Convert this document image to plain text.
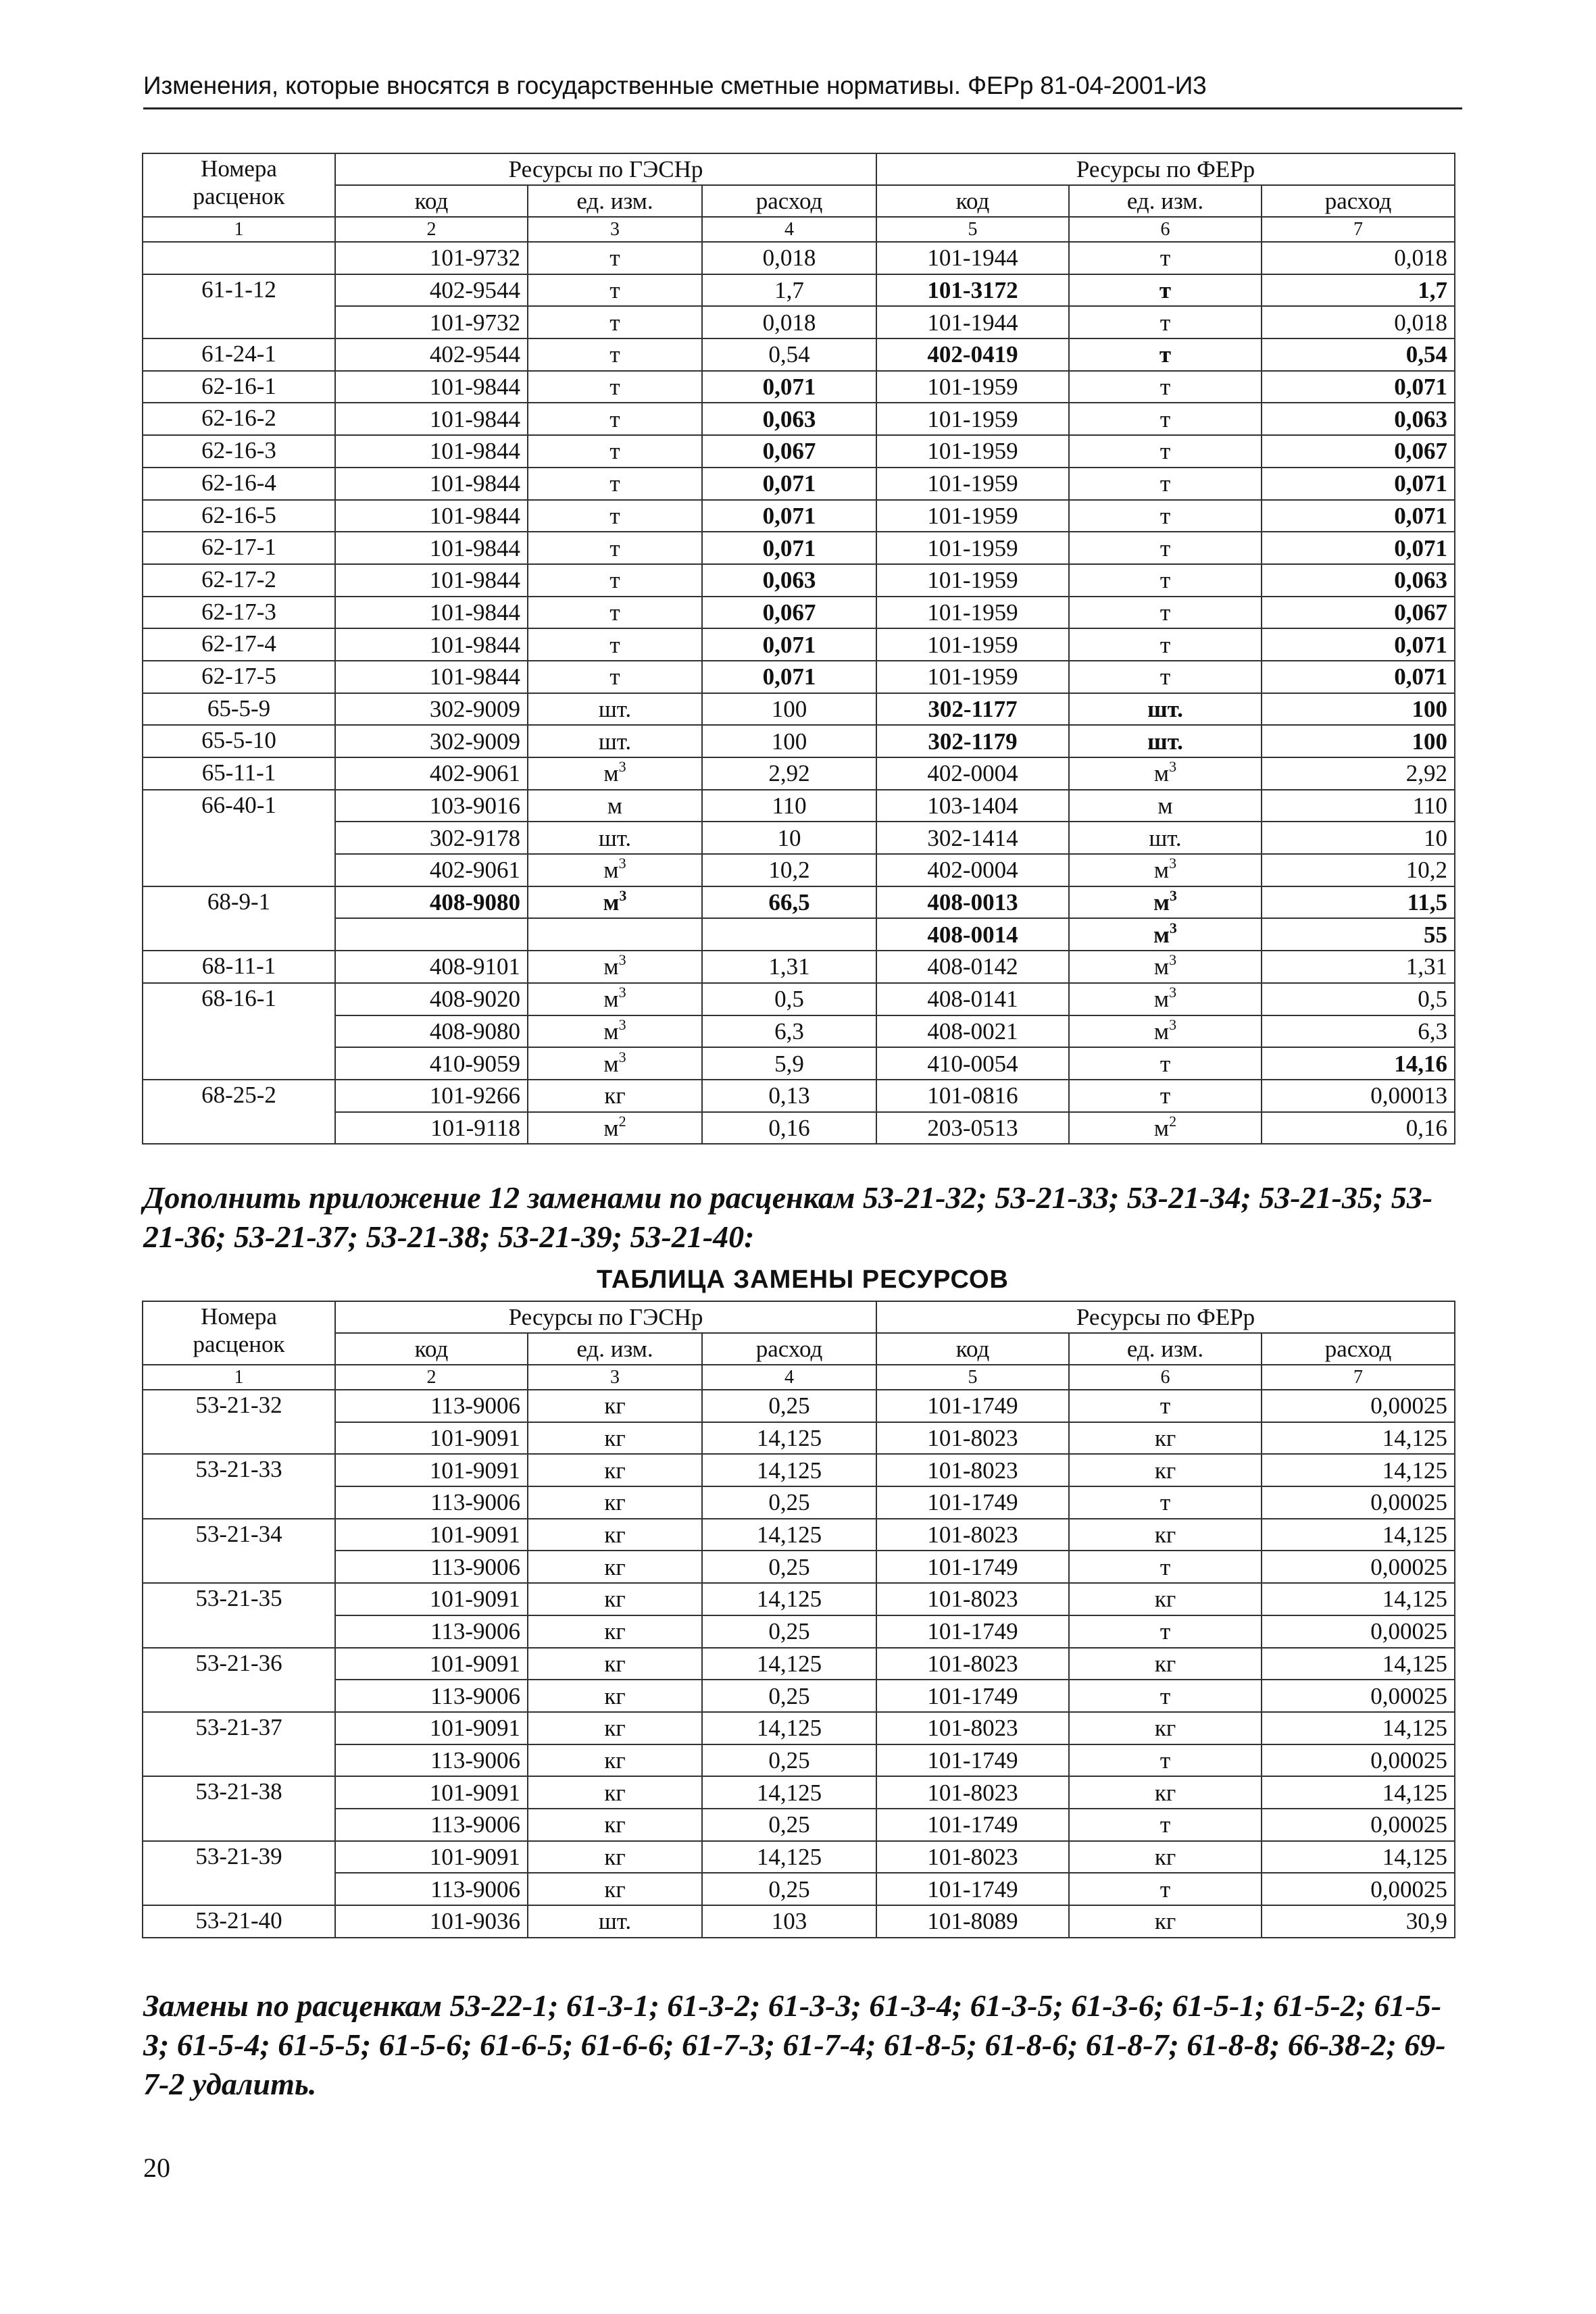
Изменения, которые вносятся в государственные сметные нормативы. ФЕРр 81-04-2001-И3
Номера
расценок	Ресурсы по ГЭСНр			Ресурсы по ФЕРр		
	код	ед. изм.	расход	код	ед. изм.	расход
1	2	3	4	5	6	7
	101-9732	т	0,018	101-1944	т	0,018
61-1-12	402-9544	т	1,7	101-3172	т	1,7
	101-9732	т	0,018	101-1944	т	0,018
61-24-1	402-9544	т	0,54	402-0419	т	0,54
62-16-1	101-9844	т	0,071	101-1959	т	0,071
62-16-2	101-9844	т	0,063	101-1959	т	0,063
62-16-3	101-9844	т	0,067	101-1959	т	0,067
62-16-4	101-9844	т	0,071	101-1959	т	0,071
62-16-5	101-9844	т	0,071	101-1959	т	0,071
62-17-1	101-9844	т	0,071	101-1959	т	0,071
62-17-2	101-9844	т	0,063	101-1959	т	0,063
62-17-3	101-9844	т	0,067	101-1959	т	0,067
62-17-4	101-9844	т	0,071	101-1959	т	0,071
62-17-5	101-9844	т	0,071	101-1959	т	0,071
65-5-9	302-9009	шт.	100	302-1177	шт.	100
65-5-10	302-9009	шт.	100	302-1179	шт.	100
65-11-1	402-9061	$м^3$	2,92	402-0004	$м^3$	2,92
66-40-1	103-9016	м	110	103-1404	м	110
	302-9178	шт.	10	302-1414	шт.	10
	402-9061	$м^3$	10,2	402-0004	$м^3$	10,2
68-9-1	408-9080	$м^3$	66,5	408-0013	$м^3$	11,5
				408-0014	$м^3$	55
68-11-1	408-9101	$м^3$	1,31	408-0142	$м^3$	1,31
68-16-1	408-9020	$м^3$	0,5	408-0141	$м^3$	0,5
	408-9080	$м^3$	6,3	408-0021	$м^3$	6,3
	410-9059	$м^3$	5,9	410-0054	т	14,16
68-25-2	101-9266	кг	0,13	101-0816	т	0,00013
	101-9118	$м^2$	0,16	203-0513	$м^2$	0,16
Дополнить приложение 12 заменами по расценкам 53-21-32; 53-21-33; 53-21-34; 53-21-35; 53-21-36; 53-21-37; 53-21-38; 53-21-39; 53-21-40:
ТАБЛИЦА ЗАМЕНЫ РЕСУРСОВ
Номера
расценок	Ресурсы по ГЭСНр			Ресурсы по ФЕРр		
	код	ед. изм.	расход	код	ед. изм.	расход
1	2	3	4	5	6	7
53-21-32	113-9006	кг	0,25	101-1749	т	0,00025
	101-9091	кг	14,125	101-8023	кг	14,125
53-21-33	101-9091	кг	14,125	101-8023	кг	14,125
	113-9006	кг	0,25	101-1749	т	0,00025
53-21-34	101-9091	кг	14,125	101-8023	кг	14,125
	113-9006	кг	0,25	101-1749	т	0,00025
53-21-35	101-9091	кг	14,125	101-8023	кг	14,125
	113-9006	кг	0,25	101-1749	т	0,00025
53-21-36	101-9091	кг	14,125	101-8023	кг	14,125
	113-9006	кг	0,25	101-1749	т	0,00025
53-21-37	101-9091	кг	14,125	101-8023	кг	14,125
	113-9006	кг	0,25	101-1749	т	0,00025
53-21-38	101-9091	кг	14,125	101-8023	кг	14,125
	113-9006	кг	0,25	101-1749	т	0,00025
53-21-39	101-9091	кг	14,125	101-8023	кг	14,125
	113-9006	кг	0,25	101-1749	т	0,00025
53-21-40	101-9036	шт.	103	101-8089	кг	30,9
Замены по расценкам 53-22-1; 61-3-1; 61-3-2; 61-3-3; 61-3-4; 61-3-5; 61-3-6; 61-5-1; 61-5-2; 61-5-3; 61-5-4; 61-5-5; 61-5-6; 61-6-5; 61-6-6; 61-7-3; 61-7-4; 61-8-5; 61-8-6; 61-8-7; 61-8-8; 66-38-2; 69-7-2 удалить.
20
